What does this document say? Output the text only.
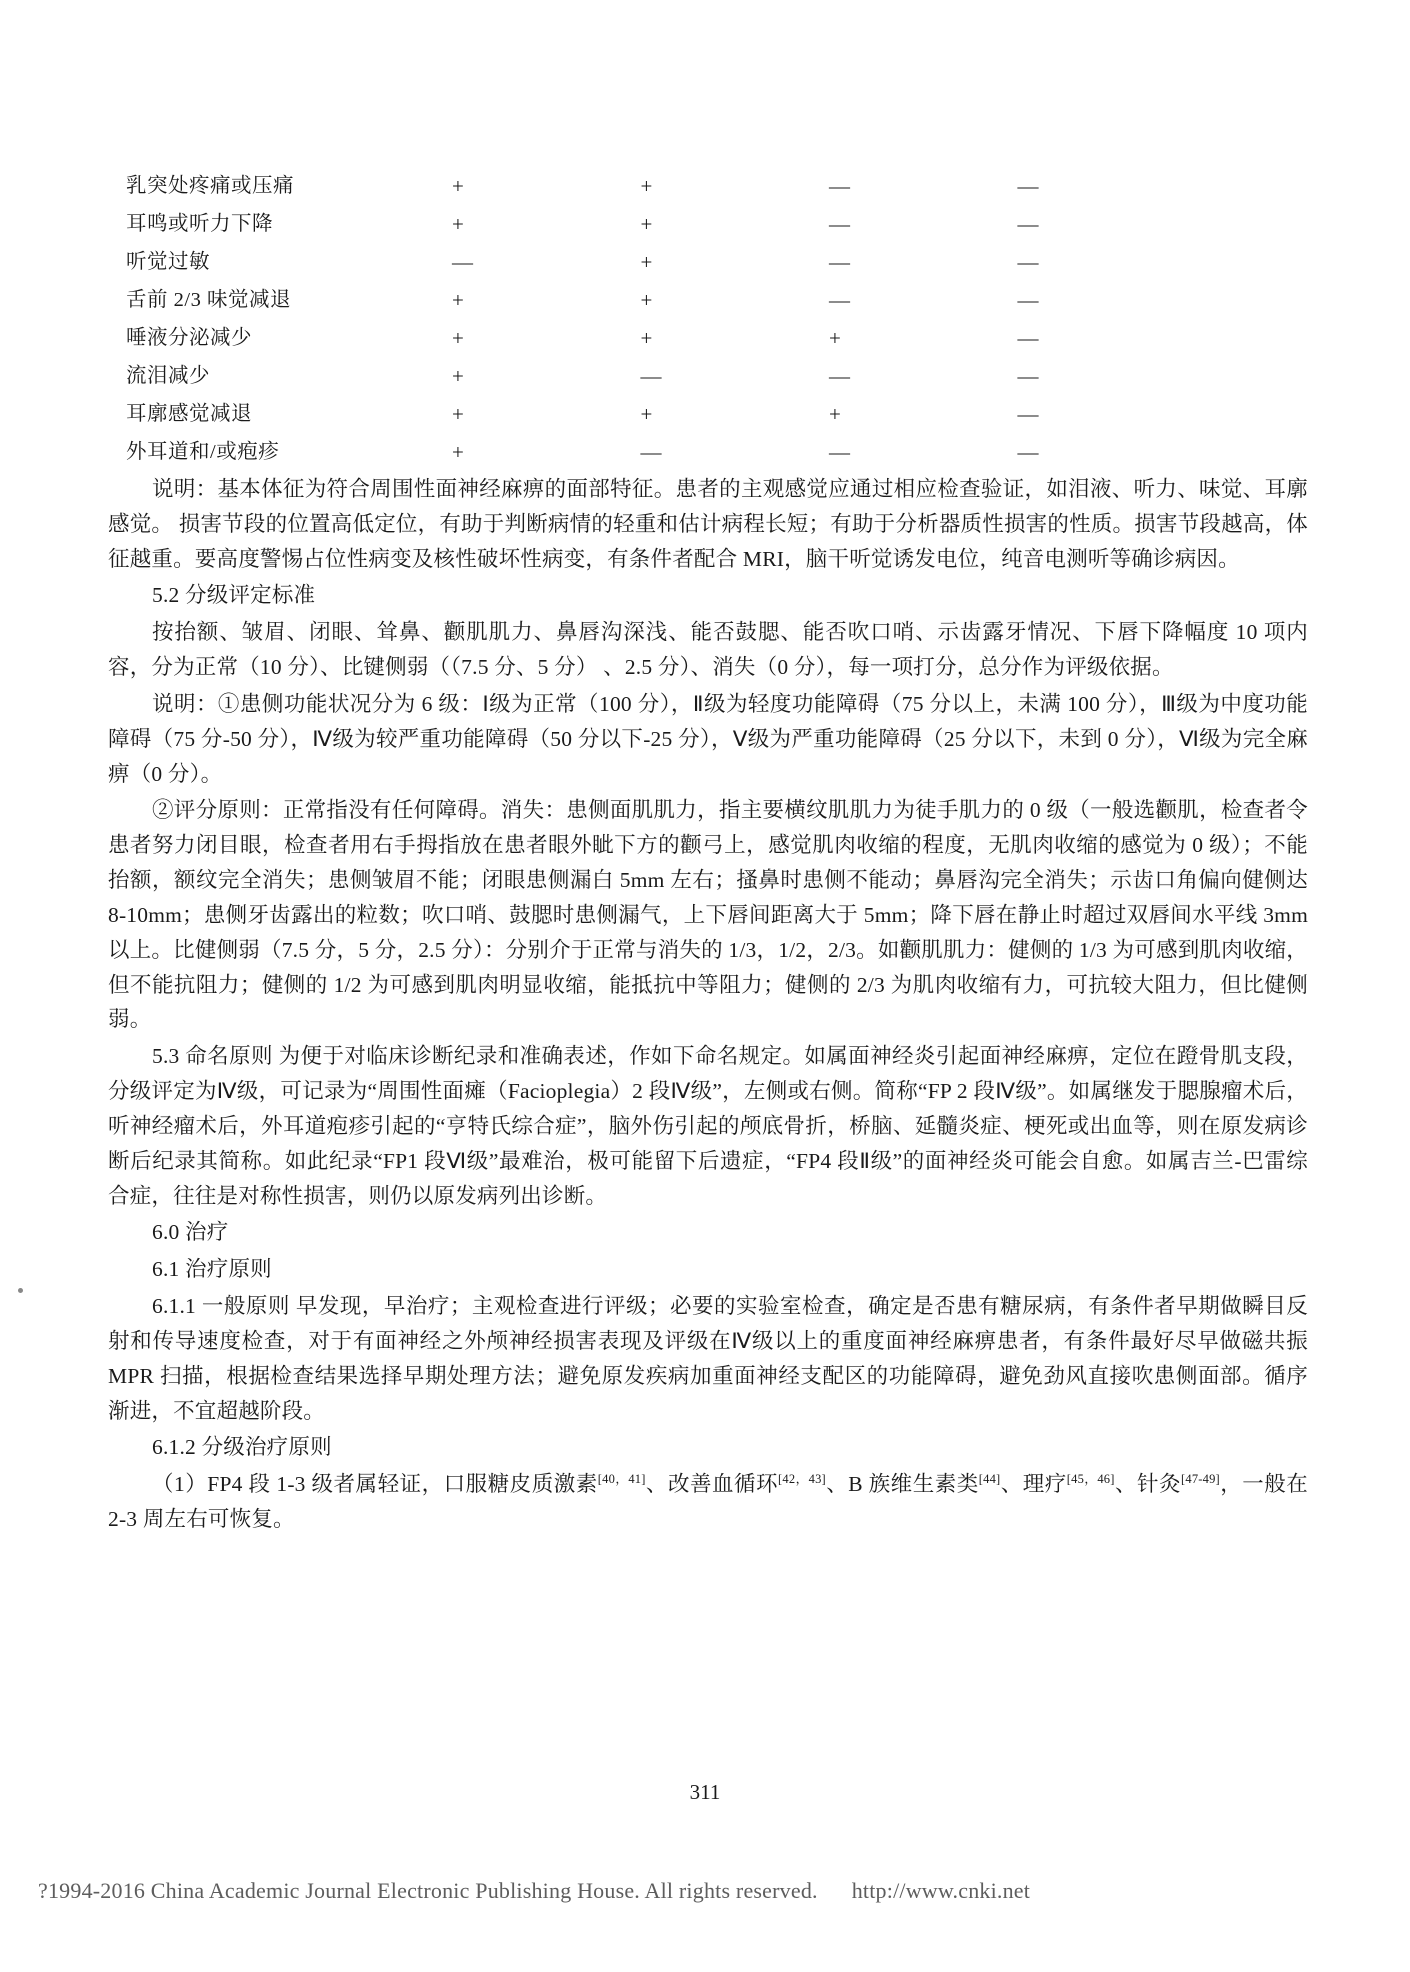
乳突处疼痛或压痛	+	+	—	—
耳鸣或听力下降	+	+	—	—
听觉过敏	—	+	—	—
舌前 2/3 味觉减退	+	+	—	—
唾液分泌减少	+	+	+	—
流泪减少	+	—	—	—
耳廓感觉减退	+	+	+	—
外耳道和/或疱疹	+	—	—	—

说明：基本体征为符合周围性面神经麻痹的面部特征。患者的主观感觉应通过相应检查验证，如泪液、听力、味觉、耳廓感觉。 损害节段的位置高低定位，有助于判断病情的轻重和估计病程长短；有助于分析器质性损害的性质。损害节段越高，体征越重。要高度警惕占位性病变及核性破坏性病变，有条件者配合 MRI，脑干听觉诱发电位，纯音电测听等确诊病因。

5.2 分级评定标准

按抬额、皱眉、闭眼、耸鼻、颧肌肌力、鼻唇沟深浅、能否鼓腮、能否吹口哨、示齿露牙情况、下唇下降幅度 10 项内容，分为正常（10 分）、比键侧弱（（7.5 分、5 分） 、2.5 分）、消失（0 分），每一项打分，总分作为评级依据。

说明：①患侧功能状况分为 6 级：Ⅰ级为正常（100 分），Ⅱ级为轻度功能障碍（75 分以上，未满 100 分），Ⅲ级为中度功能障碍（75 分-50 分），Ⅳ级为较严重功能障碍（50 分以下-25 分），Ⅴ级为严重功能障碍（25 分以下，未到 0 分），Ⅵ级为完全麻痹（0 分）。

②评分原则：正常指没有任何障碍。消失：患侧面肌肌力，指主要横纹肌肌力为徒手肌力的 0 级（一般选颧肌，检查者令患者努力闭目眼，检查者用右手拇指放在患者眼外眦下方的颧弓上，感觉肌肉收缩的程度，无肌肉收缩的感觉为 0 级）；不能抬额，额纹完全消失；患侧皱眉不能；闭眼患侧漏白 5mm 左右；搔鼻时患侧不能动；鼻唇沟完全消失；示齿口角偏向健侧达 8-10mm；患侧牙齿露出的粒数；吹口哨、鼓腮时患侧漏气，上下唇间距离大于 5mm；降下唇在静止时超过双唇间水平线 3mm 以上。比健侧弱（7.5 分，5 分，2.5 分）：分别介于正常与消失的 1/3，1/2，2/3。如颧肌肌力：健侧的 1/3 为可感到肌肉收缩，但不能抗阻力；健侧的 1/2 为可感到肌肉明显收缩，能抵抗中等阻力；健侧的 2/3 为肌肉收缩有力，可抗较大阻力，但比健侧弱。

5.3 命名原则 为便于对临床诊断纪录和准确表述，作如下命名规定。如属面神经炎引起面神经麻痹，定位在蹬骨肌支段，分级评定为Ⅳ级，可记录为“周围性面瘫（Facioplegia）2 段Ⅳ级”，左侧或右侧。简称“FP 2 段Ⅳ级”。如属继发于腮腺瘤术后，听神经瘤术后，外耳道疱疹引起的“亨特氏综合症”，脑外伤引起的颅底骨折，桥脑、延髓炎症、梗死或出血等，则在原发病诊断后纪录其简称。如此纪录“FP1 段Ⅵ级”最难治，极可能留下后遗症，“FP4 段Ⅱ级”的面神经炎可能会自愈。如属吉兰-巴雷综合症，往往是对称性损害，则仍以原发病列出诊断。

6.0 治疗

6.1 治疗原则

6.1.1 一般原则 早发现，早治疗；主观检查进行评级；必要的实验室检查，确定是否患有糖尿病，有条件者早期做瞬目反射和传导速度检查，对于有面神经之外颅神经损害表现及评级在Ⅳ级以上的重度面神经麻痹患者，有条件最好尽早做磁共振 MPR 扫描，根据检查结果选择早期处理方法；避免原发疾病加重面神经支配区的功能障碍，避免劲风直接吹患侧面部。循序渐进，不宜超越阶段。

6.1.2 分级治疗原则

（1）FP4 段 1-3 级者属轻证，口服糖皮质激素[40，41]、改善血循环[42，43]、B 族维生素类[44]、理疗[45，46]、针灸[47-49]，一般在 2-3 周左右可恢复。

311
?1994-2016 China Academic Journal Electronic Publishing House. All rights reserved. http://www.cnki.net
